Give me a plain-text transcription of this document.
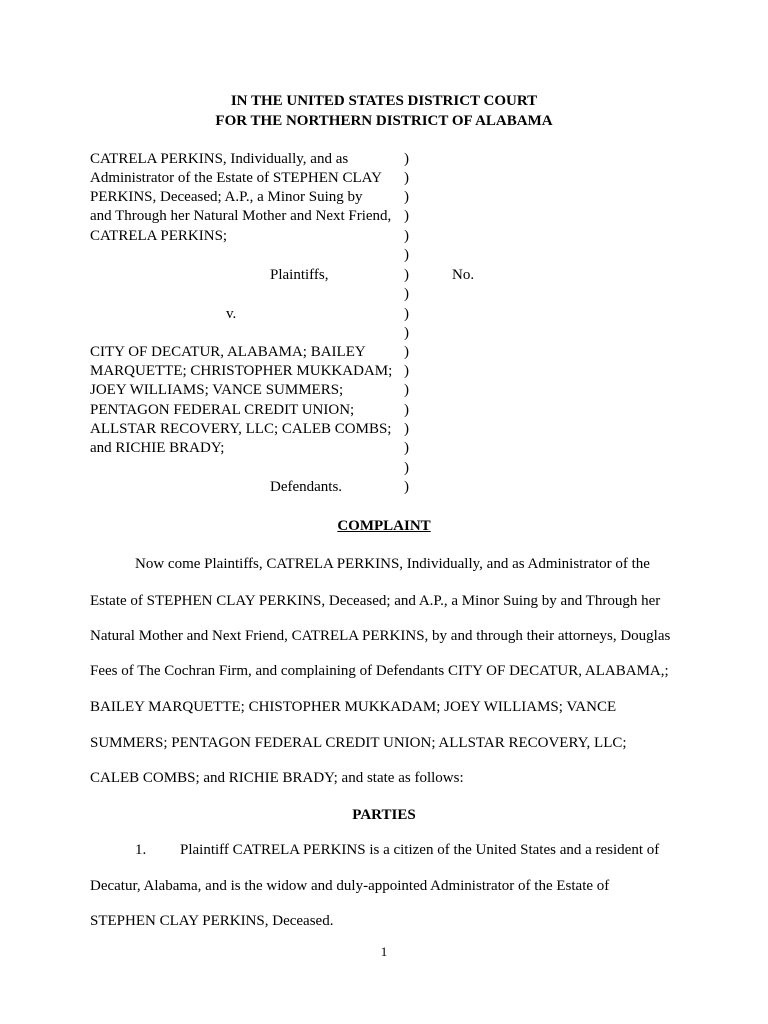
IN THE UNITED STATES DISTRICT COURT
FOR THE NORTHERN DISTRICT OF ALABAMA
CATRELA PERKINS, Individually, and as
Administrator of the Estate of STEPHEN CLAY
PERKINS, Deceased; A.P., a Minor Suing by
and Through her Natural Mother and Next Friend,
CATRELA PERKINS;
Plaintiffs,	No.
v.
CITY OF DECATUR, ALABAMA; BAILEY
MARQUETTE; CHRISTOPHER MUKKADAM;
JOEY WILLIAMS; VANCE SUMMERS;
PENTAGON FEDERAL CREDIT UNION;
ALLSTAR RECOVERY, LLC; CALEB COMBS;
and RICHIE BRADY;
Defendants.
)
)
)
)
)
)
)
)
)
)
)
)
)
)
)
)
)
)
COMPLAINT
Now come Plaintiffs, CATRELA PERKINS, Individually, and as Administrator of the
Estate of STEPHEN CLAY PERKINS, Deceased; and A.P., a Minor Suing by and Through her
Natural Mother and Next Friend, CATRELA PERKINS, by and through their attorneys, Douglas
Fees of The Cochran Firm, and complaining of Defendants CITY OF DECATUR, ALABAMA,;
BAILEY MARQUETTE; CHISTOPHER MUKKADAM; JOEY WILLIAMS; VANCE
SUMMERS; PENTAGON FEDERAL CREDIT UNION; ALLSTAR RECOVERY, LLC;
CALEB COMBS; and RICHIE BRADY; and state as follows:
PARTIES
1. Plaintiff CATRELA PERKINS is a citizen of the United States and a resident of
Decatur, Alabama, and is the widow and duly-appointed Administrator of the Estate of
STEPHEN CLAY PERKINS, Deceased.
1
